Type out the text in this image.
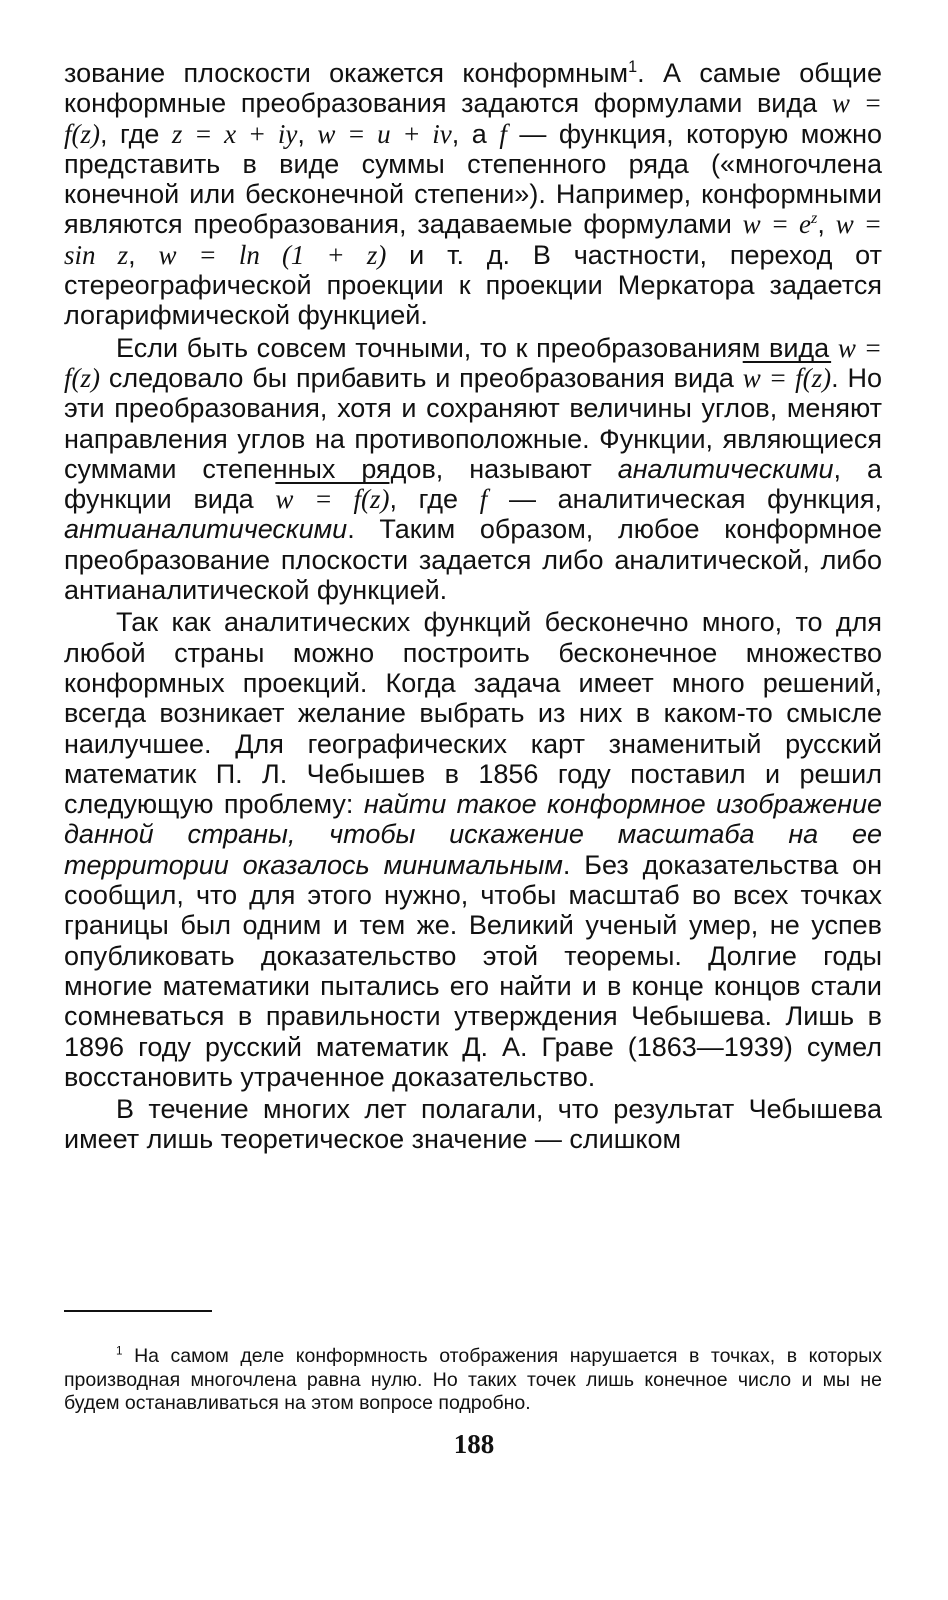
зование плоскости окажется конформным$^1$. А самые общие конформные преобразования задаются формулами вида w = f(z), где z = x + iy, w = u + iv, а f — функция, которую можно представить в виде суммы степенного ряда («многочлена конечной или бесконечной степени»). Например, конформными являются преобразования, задаваемые формулами $w = e^z$, w = sin z, w = ln (1 + z) и т. д. В частности, переход от стереографической проекции к проекции Меркатора задается логарифмической функцией.

Если быть совсем точными, то к преобразованиям вида w = f(z) следовало бы прибавить и преобразования вида w = f(z). Но эти преобразования, хотя и сохраняют величины углов, меняют направления углов на противоположные. Функции, являющиеся суммами степенных рядов, называют аналитическими, а функции вида w = f(z), где f — аналитическая функция, антианалитическими. Таким образом, любое конформное преобразование плоскости задается либо аналитической, либо антианалитической функцией.

Так как аналитических функций бесконечно много, то для любой страны можно построить бесконечное множество конформных проекций. Когда задача имеет много решений, всегда возникает желание выбрать из них в каком-то смысле наилучшее. Для географических карт знаменитый русский математик П. Л. Чебышев в 1856 году поставил и решил следующую проблему: найти такое конформное изображение данной страны, чтобы искажение масштаба на ее территории оказалось минимальным. Без доказательства он сообщил, что для этого нужно, чтобы масштаб во всех точках границы был одним и тем же. Великий ученый умер, не успев опубликовать доказательство этой теоремы. Долгие годы многие математики пытались его найти и в конце концов стали сомневаться в правильности утверждения Чебышева. Лишь в 1896 году русский математик Д. А. Граве (1863—1939) сумел восстановить утраченное доказательство.

В течение многих лет полагали, что результат Чебышева имеет лишь теоретическое значение — слишком

$^1$ На самом деле конформность отображения нарушается в точках, в которых производная многочлена равна нулю. Но таких точек лишь конечное число и мы не будем останавливаться на этом вопросе подробно.

188
